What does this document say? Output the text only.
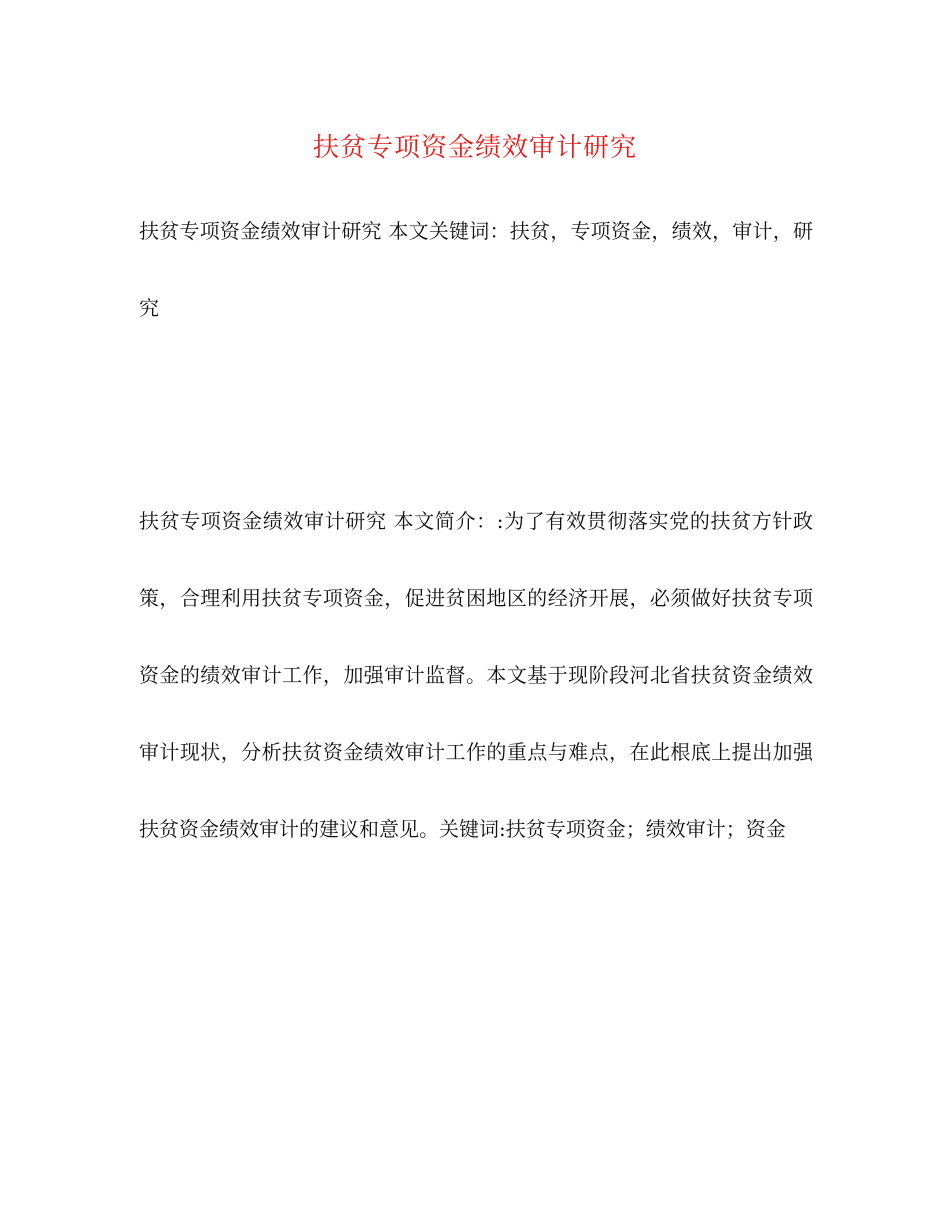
扶贫专项资金绩效审计研究

扶贫专项资金绩效审计研究 本文关键词：扶贫，专项资金，绩效，审计，研究

扶贫专项资金绩效审计研究 本文简介：:为了有效贯彻落实党的扶贫方针政策，合理利用扶贫专项资金，促进贫困地区的经济开展，必须做好扶贫专项资金的绩效审计工作，加强审计监督。本文基于现阶段河北省扶贫资金绩效审计现状，分析扶贫资金绩效审计工作的重点与难点，在此根底上提出加强扶贫资金绩效审计的建议和意见。关键词:扶贫专项资金；绩效审计；资金
